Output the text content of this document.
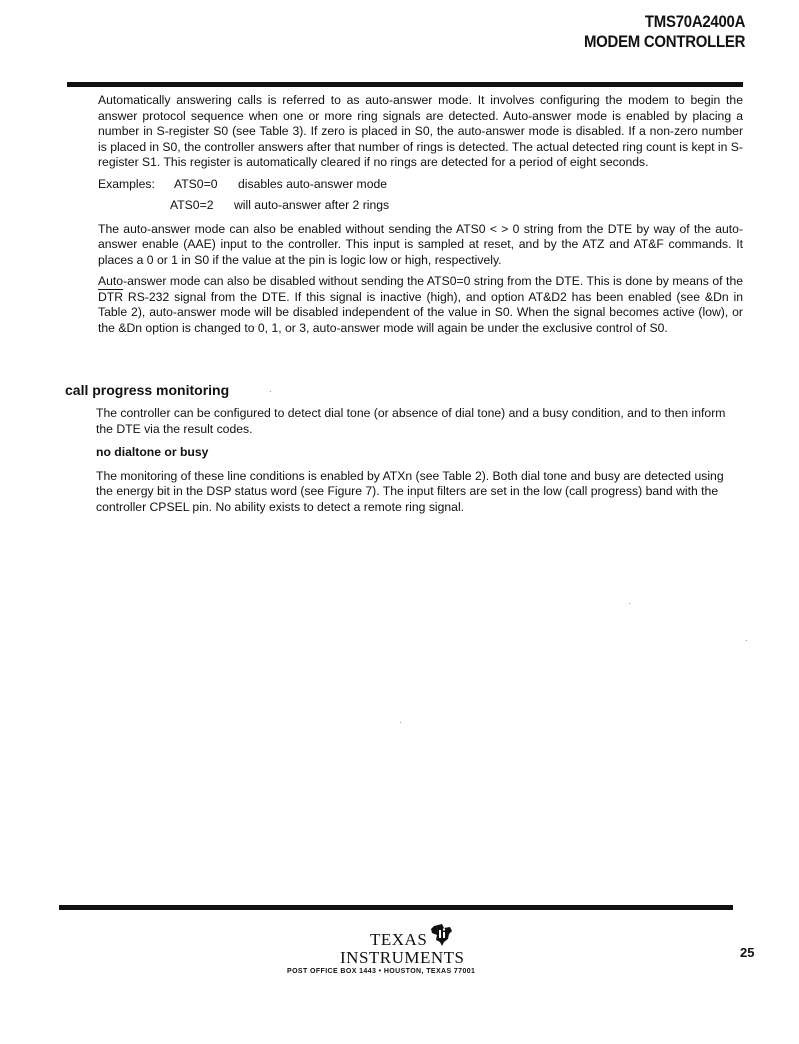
TMS70A2400A
MODEM CONTROLLER

Automatically answering calls is referred to as auto-answer mode. It involves configuring the modem to begin the answer protocol sequence when one or more ring signals are detected. Auto-answer mode is enabled by placing a number in S-register S0 (see Table 3). If zero is placed in S0, the auto-answer mode is disabled. If a non-zero number is placed in S0, the controller answers after that number of rings is detected. The actual detected ring count is kept in S-register S1. This register is automatically cleared if no rings are detected for a period of eight seconds.

Examples: ATS0=0 disables auto-answer mode

ATS0=2 will auto-answer after 2 rings

The auto-answer mode can also be enabled without sending the ATS0 < > 0 string from the DTE by way of the auto-answer enable (AAE) input to the controller. This input is sampled at reset, and by the ATZ and AT&F commands. It places a 0 or 1 in S0 if the value at the pin is logic low or high, respectively.

Auto-answer mode can also be disabled without sending the ATS0=0 string from the DTE. This is done by means of the $\overline{DTR}$ RS-232 signal from the DTE. If this signal is inactive (high), and option AT&D2 has been enabled (see &Dn in Table 2), auto-answer mode will be disabled independent of the value in S0. When the signal becomes active (low), or the &Dn option is changed to 0, 1, or 3, auto-answer mode will again be under the exclusive control of S0.

call progress monitoring

The controller can be configured to detect dial tone (or absence of dial tone) and a busy condition, and to then inform the DTE via the result codes.

no dialtone or busy

The monitoring of these line conditions is enabled by ATXn (see Table 2). Both dial tone and busy are detected using the energy bit in the DSP status word (see Figure 7). The input filters are set in the low (call progress) band with the controller CPSEL pin. No ability exists to detect a remote ring signal.

TEXAS
INSTRUMENTS
POST OFFICE BOX 1443 • HOUSTON, TEXAS 77001
25
